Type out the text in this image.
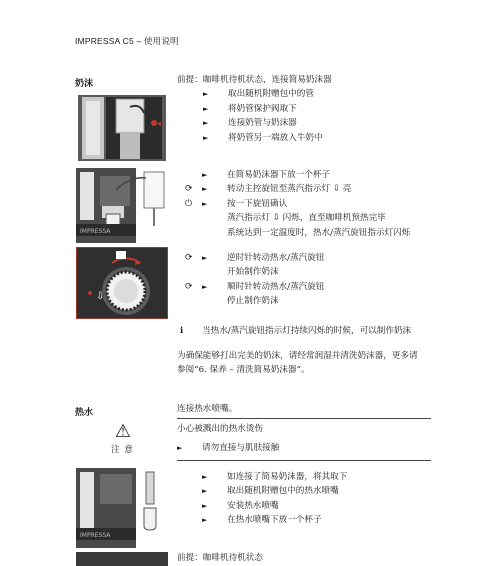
IMPRESSA C5 – 使用说明
奶沫	前提：咖啡机待机状态，连接简易奶沫器
► 取出随机附赠包中的管
► 将奶管保护阀取下
► 连接奶管与奶沫器
► 将奶管另一端放入牛奶中
◂
IMPRESSA
► 在简易奶沫器下放一个杯子
⟳ ► 转动主控旋钮至蒸汽指示灯 ⇩ 亮
⏻ ► 按一下旋钮确认
蒸汽指示灯 ⇩ 闪烁，直至咖啡机预热完毕
系统达到一定温度时，热水/蒸汽旋钮指示灯闪烁
⇩
⟳ ► 逆时针转动热水/蒸汽旋钮
开始制作奶沫
⟳ ► 顺时针转动热水/蒸汽旋钮
停止制作奶沫
ℹ 当热水/蒸汽旋钮指示灯持续闪烁的时候，可以制作奶沫
为确保能够打出完美的奶沫，请经常润湿并清洗奶沫器，更多请
参阅“6. 保养 – 清洗简易奶沫器”。
热水	连接热水喷嘴。
⚠
注 意
小心被溅出的热水烫伤
► 请勿直接与肌肤接触
IMPRESSA
► 如连接了简易奶沫器，将其取下
► 取出随机附赠包中的热水喷嘴
► 安装热水喷嘴
► 在热水喷嘴下放一个杯子
前提：咖啡机待机状态
